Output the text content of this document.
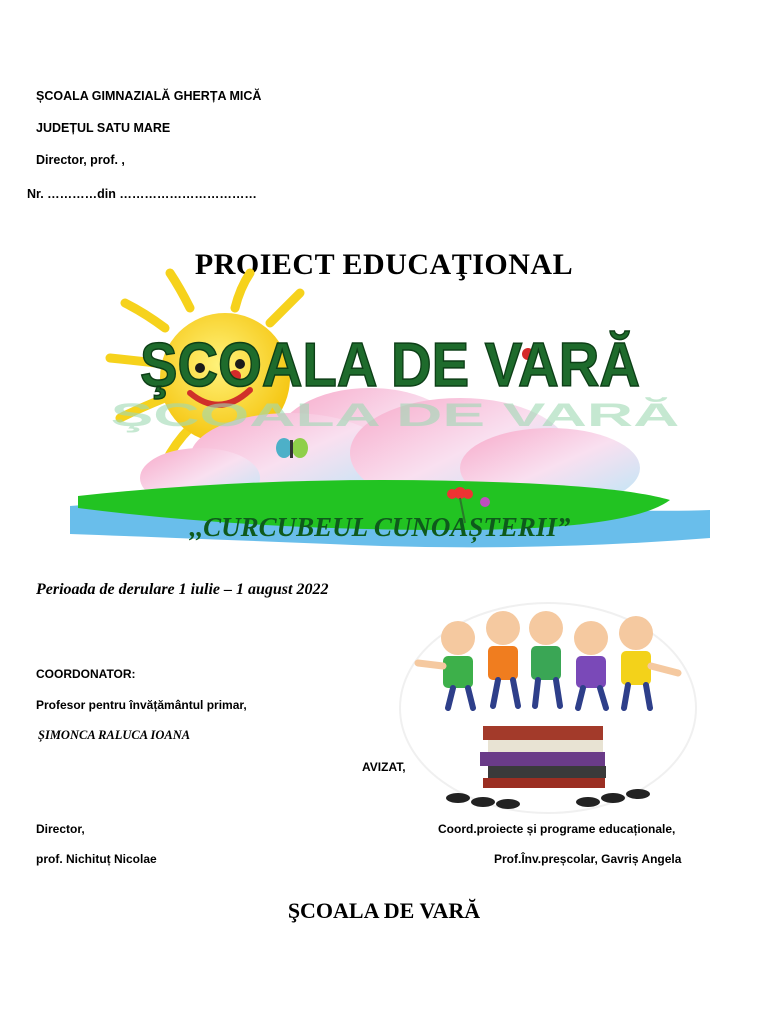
ȘCOALA GIMNAZIALĂ GHERȚA MICĂ
JUDEȚUL SATU MARE
Director, prof. ,
Nr. …………din ……………………………
PROIECT EDUCAŢIONAL
ŞCOALA DE VARĂ
ŞCOALA DE VARĂ
,,CURCUBEUL CUNOAȘTERII”
Perioada de derulare 1 iulie – 1 august 2022
COORDONATOR:
Profesor pentru învățământul primar,
ȘIMONCA RALUCA IOANA
AVIZAT,
Director,	Coord.proiecte și programe educaționale,
prof. Nichituț Nicolae	Prof.Înv.preșcolar, Gavriș Angela
ŞCOALA DE VARĂ
